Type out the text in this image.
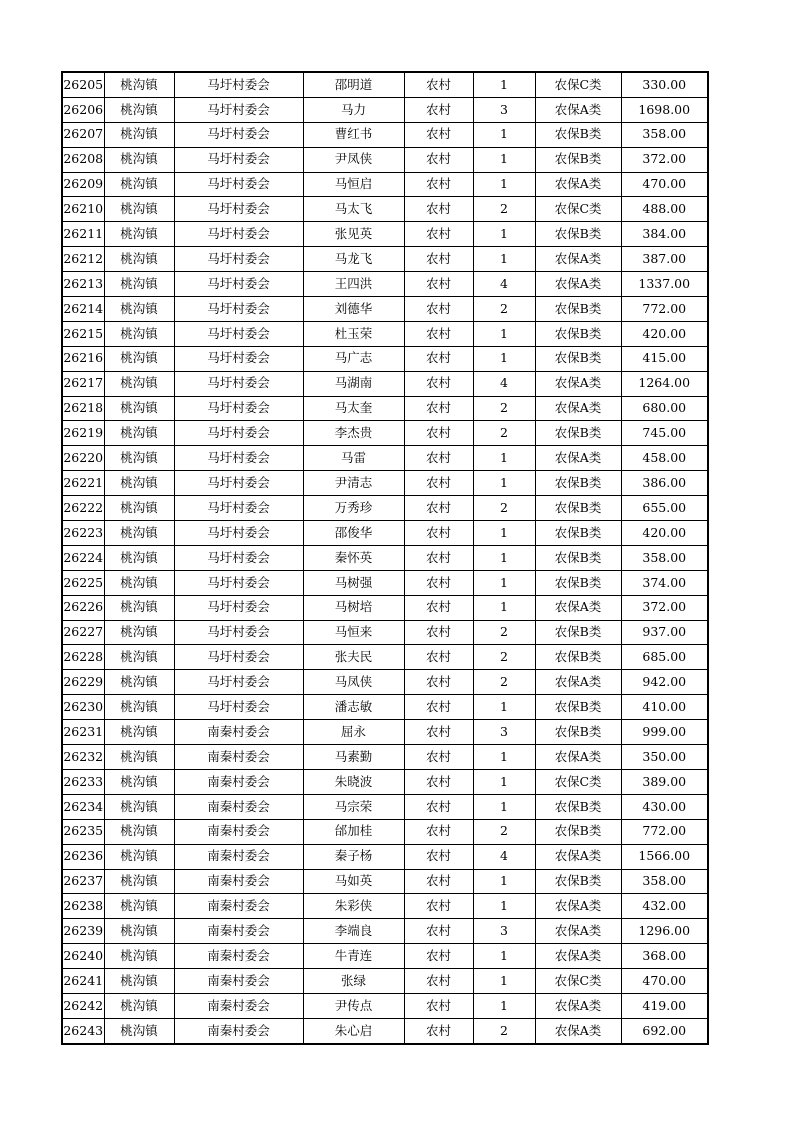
26205	桃沟镇	马圩村委会	邵明道	农村	1	农保C类	330.00
26206	桃沟镇	马圩村委会	马力	农村	3	农保A类	1698.00
26207	桃沟镇	马圩村委会	曹红书	农村	1	农保B类	358.00
26208	桃沟镇	马圩村委会	尹凤侠	农村	1	农保B类	372.00
26209	桃沟镇	马圩村委会	马恒启	农村	1	农保A类	470.00
26210	桃沟镇	马圩村委会	马太飞	农村	2	农保C类	488.00
26211	桃沟镇	马圩村委会	张见英	农村	1	农保B类	384.00
26212	桃沟镇	马圩村委会	马龙飞	农村	1	农保A类	387.00
26213	桃沟镇	马圩村委会	王四洪	农村	4	农保A类	1337.00
26214	桃沟镇	马圩村委会	刘德华	农村	2	农保B类	772.00
26215	桃沟镇	马圩村委会	杜玉荣	农村	1	农保B类	420.00
26216	桃沟镇	马圩村委会	马广志	农村	1	农保B类	415.00
26217	桃沟镇	马圩村委会	马湖南	农村	4	农保A类	1264.00
26218	桃沟镇	马圩村委会	马太奎	农村	2	农保A类	680.00
26219	桃沟镇	马圩村委会	李杰贵	农村	2	农保B类	745.00
26220	桃沟镇	马圩村委会	马雷	农村	1	农保A类	458.00
26221	桃沟镇	马圩村委会	尹清志	农村	1	农保B类	386.00
26222	桃沟镇	马圩村委会	万秀珍	农村	2	农保B类	655.00
26223	桃沟镇	马圩村委会	邵俊华	农村	1	农保B类	420.00
26224	桃沟镇	马圩村委会	秦怀英	农村	1	农保B类	358.00
26225	桃沟镇	马圩村委会	马树强	农村	1	农保B类	374.00
26226	桃沟镇	马圩村委会	马树培	农村	1	农保A类	372.00
26227	桃沟镇	马圩村委会	马恒来	农村	2	农保B类	937.00
26228	桃沟镇	马圩村委会	张夫民	农村	2	农保B类	685.00
26229	桃沟镇	马圩村委会	马凤侠	农村	2	农保A类	942.00
26230	桃沟镇	马圩村委会	潘志敏	农村	1	农保B类	410.00
26231	桃沟镇	南秦村委会	屈永	农村	3	农保B类	999.00
26232	桃沟镇	南秦村委会	马素勤	农村	1	农保A类	350.00
26233	桃沟镇	南秦村委会	朱晓波	农村	1	农保C类	389.00
26234	桃沟镇	南秦村委会	马宗荣	农村	1	农保B类	430.00
26235	桃沟镇	南秦村委会	邰加桂	农村	2	农保B类	772.00
26236	桃沟镇	南秦村委会	秦子杨	农村	4	农保A类	1566.00
26237	桃沟镇	南秦村委会	马如英	农村	1	农保B类	358.00
26238	桃沟镇	南秦村委会	朱彩侠	农村	1	农保A类	432.00
26239	桃沟镇	南秦村委会	李端良	农村	3	农保A类	1296.00
26240	桃沟镇	南秦村委会	牛青连	农村	1	农保A类	368.00
26241	桃沟镇	南秦村委会	张绿	农村	1	农保C类	470.00
26242	桃沟镇	南秦村委会	尹传点	农村	1	农保A类	419.00
26243	桃沟镇	南秦村委会	朱心启	农村	2	农保A类	692.00
